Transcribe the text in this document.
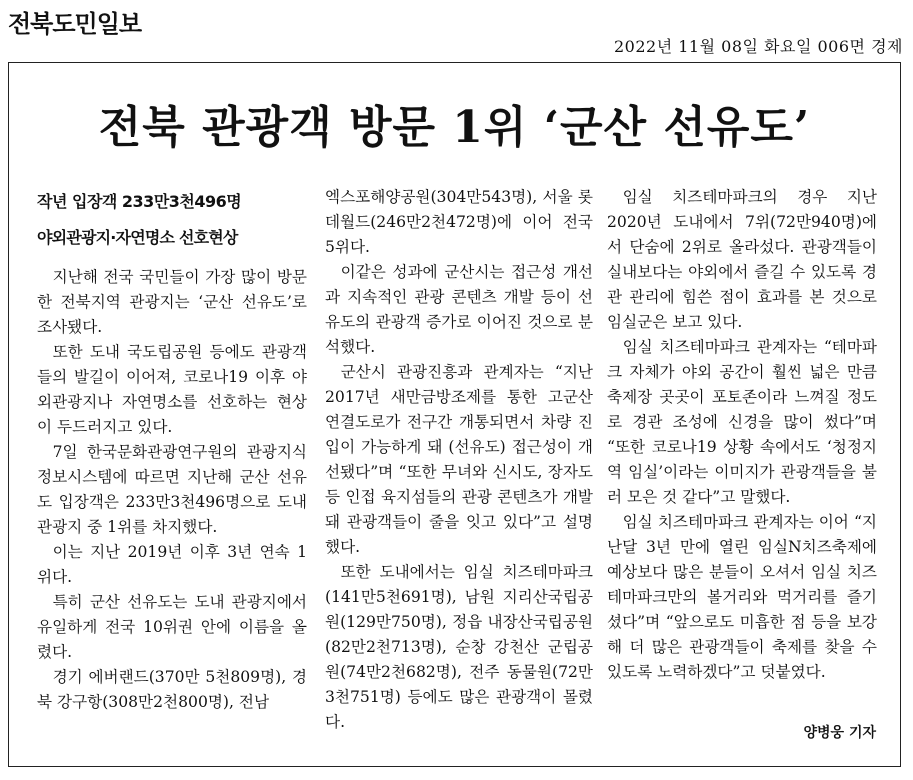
전북도민일보
2022년 11월 08일 화요일 006면 경제
전북 관광객 방문 1위 ‘군산 선유도’
작년 입장객 233만3천496명
야외관광지·자연명소 선호현상

지난해 전국 국민들이 가장 많이 방문한 전북지역 관광지는 ‘군산 선유도’로 조사됐다.

또한 도내 국도립공원 등에도 관광객들의 발길이 이어져, 코로나19 이후 야외관광지나 자연명소를 선호하는 현상이 두드러지고 있다.

7일 한국문화관광연구원의 관광지식정보시스템에 따르면 지난해 군산 선유도 입장객은 233만3천496명으로 도내 관광지 중 1위를 차지했다.

이는 지난 2019년 이후 3년 연속 1위다.

특히 군산 선유도는 도내 관광지에서 유일하게 전국 10위권 안에 이름을 올렸다.

경기 에버랜드(370만 5천809명), 경북 강구항(308만2천800명), 전남

엑스포해양공원(304만543명), 서울 롯데월드(246만2천472명)에 이어 전국 5위다.

이같은 성과에 군산시는 접근성 개선과 지속적인 관광 콘텐츠 개발 등이 선유도의 관광객 증가로 이어진 것으로 분석했다.

군산시 관광진흥과 관계자는 “지난 2017년 새만금방조제를 통한 고군산 연결도로가 전구간 개통되면서 차량 진입이 가능하게 돼 (선유도) 접근성이 개선됐다”며 “또한 무녀와 신시도, 장자도 등 인접 육지섬들의 관광 콘텐츠가 개발돼 관광객들이 줄을 잇고 있다”고 설명했다.

또한 도내에서는 임실 치즈테마파크(141만5천691명), 남원 지리산국립공원(129만750명), 정읍 내장산국립공원(82만2천713명), 순창 강천산 군립공원(74만2천682명), 전주 동물원(72만3천751명) 등에도 많은 관광객이 몰렸다.

임실 치즈테마파크의 경우 지난 2020년 도내에서 7위(72만940명)에서 단숨에 2위로 올라섰다. 관광객들이 실내보다는 야외에서 즐길 수 있도록 경관 관리에 힘쓴 점이 효과를 본 것으로 임실군은 보고 있다.

임실 치즈테마파크 관계자는 “테마파크 자체가 야외 공간이 훨씬 넓은 만큼 축제장 곳곳이 포토존이라 느껴질 정도로 경관 조성에 신경을 많이 썼다”며 “또한 코로나19 상황 속에서도 ‘청정지역 임실’이라는 이미지가 관광객들을 불러 모은 것 같다”고 말했다.

임실 치즈테마파크 관계자는 이어 “지난달 3년 만에 열린 임실N치즈축제에 예상보다 많은 분들이 오셔서 임실 치즈테마파크만의 볼거리와 먹거리를 즐기셨다”며 “앞으로도 미흡한 점 등을 보강해 더 많은 관광객들이 축제를 찾을 수 있도록 노력하겠다”고 덧붙였다.

양병웅 기자
